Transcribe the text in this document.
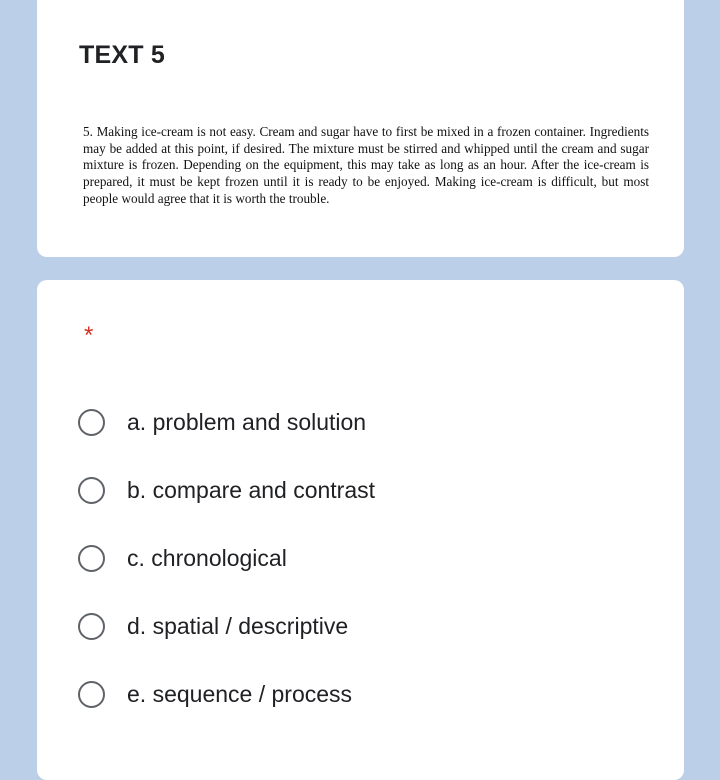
TEXT 5

5. Making ice-cream is not easy. Cream and sugar have to first be mixed in a frozen container. Ingredients may be added at this point, if desired. The mixture must be stirred and whipped until the cream and sugar mixture is frozen. Depending on the equipment, this may take as long as an hour. After the ice-cream is prepared, it must be kept frozen until it is ready to be enjoyed. Making ice-cream is difficult, but most people would agree that it is worth the trouble.

*
a. problem and solution
b. compare and contrast
c. chronological
d. spatial / descriptive
e. sequence / process
